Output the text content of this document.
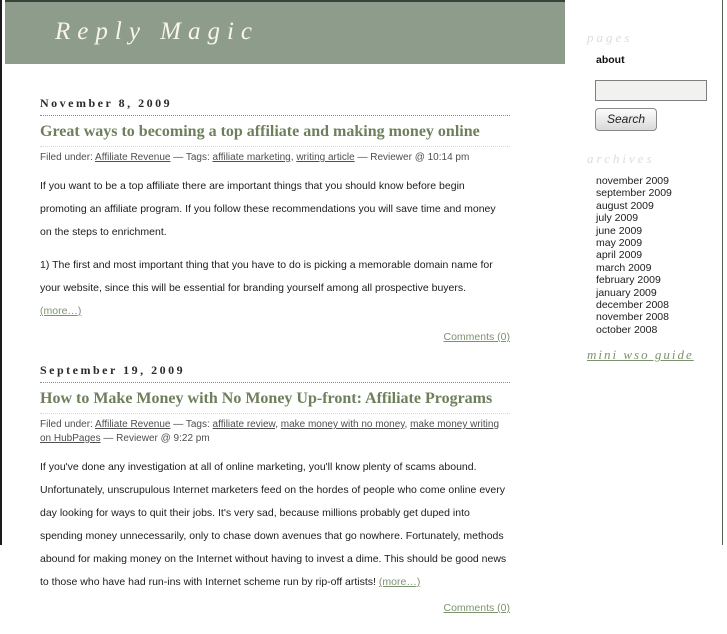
Reply Magic
November 8, 2009
Great ways to becoming a top affiliate and making money online

Filed under: Affiliate Revenue — Tags: affiliate marketing, writing article — Reviewer @ 10:14 pm

If you want to be a top affiliate there are important things that you should know before begin promoting an affiliate program. If you follow these recommendations you will save time and money on the steps to enrichment.

1) The first and most important thing that you have to do is picking a memorable domain name for your website, since this will be essential for branding yourself among all prospective buyers. (more…)

Comments (0)
September 19, 2009
How to Make Money with No Money Up-front: Affiliate Programs

Filed under: Affiliate Revenue — Tags: affiliate review, make money with no money, make money writing on HubPages — Reviewer @ 9:22 pm

If you've done any investigation at all of online marketing, you'll know plenty of scams abound. Unfortunately, unscrupulous Internet marketers feed on the hordes of people who come online every day looking for ways to quit their jobs. It's very sad, because millions probably get duped into spending money unnecessarily, only to chase down avenues that go nowhere. Fortunately, methods abound for making money on the Internet without having to invest a dime. This should be good news to those who have had run-ins with Internet scheme run by rip-off artists! (more…)

Comments (0)
pages
about
Search
archives
november 2009
september 2009
august 2009
july 2009
june 2009
may 2009
april 2009
march 2009
february 2009
january 2009
december 2008
november 2008
october 2008
mini wso guide
